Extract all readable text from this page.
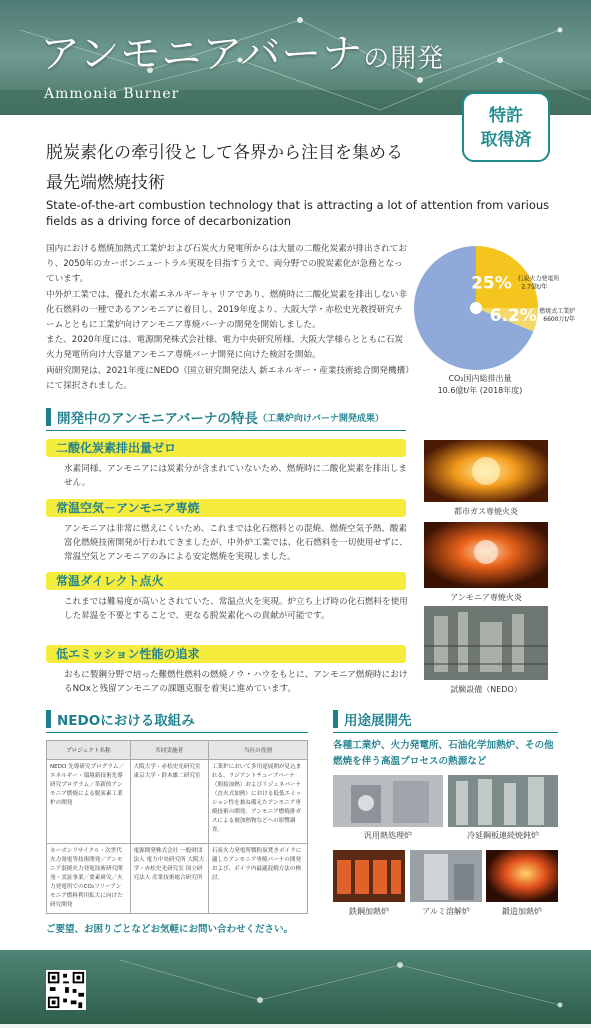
アンモニアバーナの開発
Ammonia Burner
特許
取得済
脱炭素化の牽引役として各界から注目を集める
最先端燃焼技術
State-of-the-art combustion technology that is attracting a lot of attention from various fields as a driving force of decarbonization

国内における燃焼加熱式工業炉および石炭火力発電所からは大量の二酸化炭素が排出されており、2050年のカーボンニュートラル実現を目指すうえで、両分野での脱炭素化が急務となっています。

中外炉工業では、優れた水素エネルギーキャリアであり、燃焼時に二酸化炭素を排出しない非化石燃料の一種であるアンモニアに着目し、2019年度より、大阪大学・赤松史光教授研究チームとともに工業炉向けアンモニア専焼バーナの開発を開始しました。

また、2020年度には、電源開発株式会社様、電力中央研究所様、大阪大学様らとともに石炭火力発電所向け大容量アンモニア専焼バーナ開発に向けた検討を開始。

両研究開発は、2021年度にNEDO（国立研究開発法人 新エネルギー・産業技術総合開発機構）にて採択されました。

25% 石炭火力発電所
2.7億t/年
6.2% 燃焼式工業炉
6600万t/年
CO₂国内総排出量
10.6億t/年 (2018年度)
開発中のアンモニアバーナの特長 （工業炉向けバーナ開発成果）
二酸化炭素排出量ゼロ
水素同様、アンモニアには炭素分が含まれていないため、燃焼時に二酸化炭素を排出しません。
常温空気－アンモニア専焼
アンモニアは非常に燃えにくいため、これまでは化石燃料との混焼、燃焼空気予熱、酸素富化燃焼技術開発が行われてきましたが、中外炉工業では、化石燃料を一切使用せずに、常温空気とアンモニアのみによる安定燃焼を実現しました。
常温ダイレクト点火
これまでは難易度が高いとされていた、常温点火を実現。炉立ち上げ時の化石燃料を使用した昇温を不要とすることで、更なる脱炭素化への貢献が可能です。
低エミッション性能の追求
おもに製鋼分野で培った難燃性燃料の燃焼ノウ・ハウをもとに、アンモニア燃焼時におけるNOxと残留アンモニアの課題克服を着実に進めています。
都市ガス専焼火炎
アンモニア専焼火炎
試験設備（NEDO）
NEDOにおける取組み
プロジェクト名称	共同実施者	当社の役割
NEDO 先導研究プログラム／エネルギー・環境新技術先導研究プログラム／革新的アンモニア燃焼による脱炭素工業炉の開発	大阪大学・赤松史光研究室 東京大学・鈴木雄二研究室	工業炉において多用途展開が見込まれる、ラジアントチューブバーナ（間接加熱）およびリジェネバーナ（直火式加熱）における低低エミッション性を兼ね備えたアンモニア専焼技術の開発。アンモニア燃焼排ガスによる被加熱物などへの影響調査。
カーボンリサイクル・次世代火力発電等技術開発／アンモニア混焼火力発電技術研究開発・実証事業／要素研究／火力発電所でのCO₂フリーアンモニア燃料利用拡大に向けた研究開発	電源開発株式会社 一般財団法人 電力中央研究所 大阪大学・赤松史光研究室 国立研究法人 産業技術総合研究所	石炭火力発電所微粉炭焚きボイラに適したアンモニア専焼バーナの開発および、ボイラ内最適混焼方法の検討。
用途展開先
各種工業炉、火力発電所、石油化学加熱炉、その他燃焼を伴う高温プロセスの熱源など
汎用熱処理炉	冷延鋼板連続焼鈍炉
鉄鋼加熱炉	アルミ溶解炉	鍛造加熱炉
ご要望、お困りごとなどお気軽にお問い合わせください。
